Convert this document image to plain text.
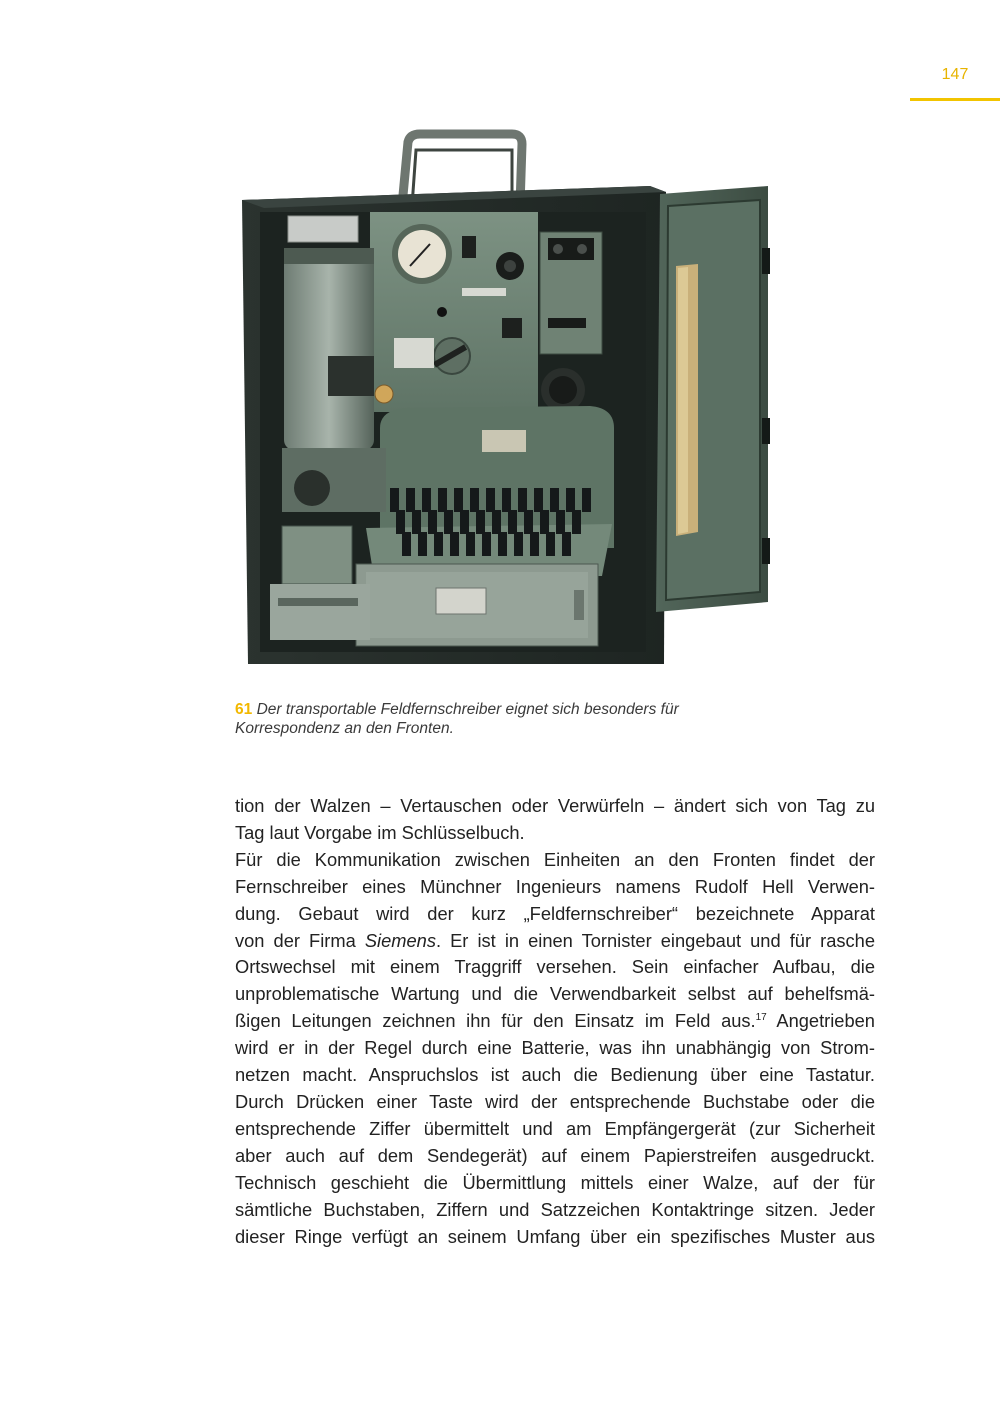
147
61 Der transportable Feldfernschreiber eignet sich besonders für Korrespondenz an den Fronten.
tion der Walzen – Vertauschen oder Verwürfeln – ändert sich von Tag zu
Tag laut Vorgabe im Schlüsselbuch.
Für die Kommunikation zwischen Einheiten an den Fronten findet der
Fernschreiber eines Münchner Ingenieurs namens Rudolf Hell Verwen-
dung. Gebaut wird der kurz „Feldfernschreiber“ bezeichnete Apparat
von der Firma Siemens. Er ist in einen Tornister eingebaut und für rasche
Ortswechsel mit einem Traggriff versehen. Sein einfacher Aufbau, die
unproblematische Wartung und die Verwendbarkeit selbst auf behelfsmä-
ßigen Leitungen zeichnen ihn für den Einsatz im Feld aus.$^{17}$ Angetrieben
wird er in der Regel durch eine Batterie, was ihn unabhängig von Strom-
netzen macht. Anspruchslos ist auch die Bedienung über eine Tastatur.
Durch Drücken einer Taste wird der entsprechende Buchstabe oder die
entsprechende Ziffer übermittelt und am Empfängergerät (zur Sicherheit
aber auch auf dem Sendegerät) auf einem Papierstreifen ausgedruckt.
Technisch geschieht die Übermittlung mittels einer Walze, auf der für
sämtliche Buchstaben, Ziffern und Satzzeichen Kontaktringe sitzen. Jeder
dieser Ringe verfügt an seinem Umfang über ein spezifisches Muster aus
